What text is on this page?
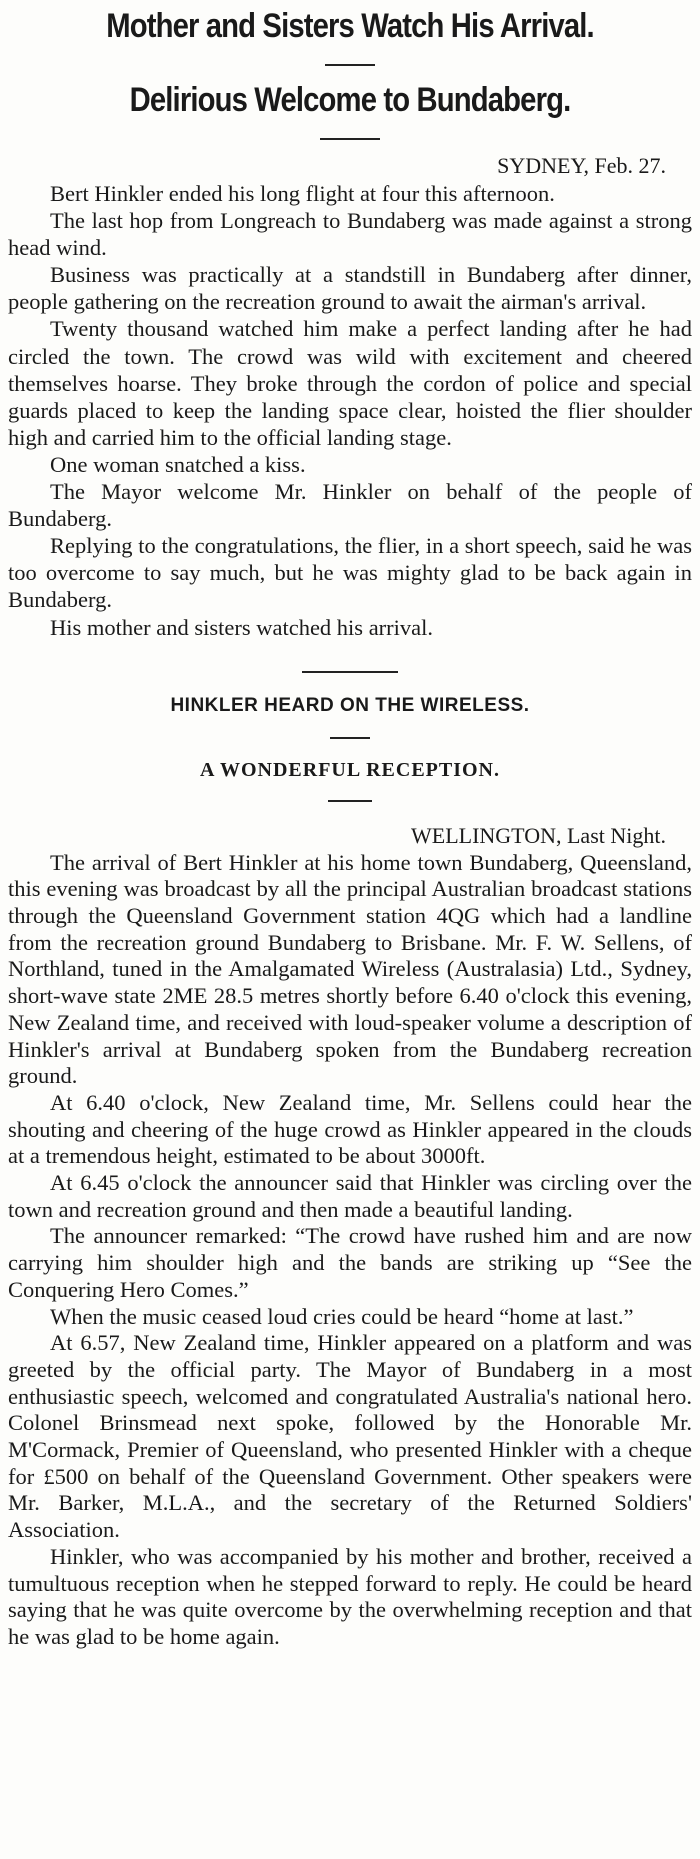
Mother and Sisters Watch His Arrival.
Delirious Welcome to Bundaberg.
SYDNEY, Feb. 27.

Bert Hinkler ended his long flight at four this afternoon.

The last hop from Longreach to Bundaberg was made against a strong head wind.

Business was practically at a standstill in Bundaberg after dinner, people gathering on the recreation ground to await the airman's arrival.

Twenty thousand watched him make a perfect landing after he had circled the town. The crowd was wild with excitement and cheered themselves hoarse. They broke through the cordon of police and special guards placed to keep the landing space clear, hoisted the flier shoulder high and carried him to the official landing stage.

One woman snatched a kiss.

The Mayor welcome Mr. Hinkler on behalf of the people of Bundaberg.

Replying to the congratulations, the flier, in a short speech, said he was too overcome to say much, but he was mighty glad to be back again in Bundaberg.

His mother and sisters watched his arrival.

HINKLER HEARD ON THE WIRELESS.
A WONDERFUL RECEPTION.
WELLINGTON, Last Night.

The arrival of Bert Hinkler at his home town Bundaberg, Queensland, this evening was broadcast by all the principal Australian broadcast stations through the Queensland Government station 4QG which had a landline from the recreation ground Bundaberg to Brisbane. Mr. F. W. Sellens, of Northland, tuned in the Amalgamated Wireless (Australasia) Ltd., Sydney, short-wave state 2ME 28.5 metres shortly before 6.40 o'clock this evening, New Zealand time, and received with loud-speaker volume a description of Hinkler's arrival at Bundaberg spoken from the Bundaberg recreation ground.

At 6.40 o'clock, New Zealand time, Mr. Sellens could hear the shouting and cheering of the huge crowd as Hinkler appeared in the clouds at a tremendous height, estimated to be about 3000ft.

At 6.45 o'clock the announcer said that Hinkler was circling over the town and recreation ground and then made a beautiful landing.

The announcer remarked: “The crowd have rushed him and are now carrying him shoulder high and the bands are striking up “See the Conquering Hero Comes.”

When the music ceased loud cries could be heard “home at last.”

At 6.57, New Zealand time, Hinkler appeared on a platform and was greeted by the official party. The Mayor of Bundaberg in a most enthusiastic speech, welcomed and congratulated Australia's national hero. Colonel Brinsmead next spoke, followed by the Honorable Mr. M'Cormack, Premier of Queensland, who presented Hinkler with a cheque for £500 on behalf of the Queensland Government. Other speakers were Mr. Barker, M.L.A., and the secretary of the Returned Soldiers' Association.

Hinkler, who was accompanied by his mother and brother, received a tumultuous reception when he stepped forward to reply. He could be heard saying that he was quite overcome by the overwhelming reception and that he was glad to be home again.
